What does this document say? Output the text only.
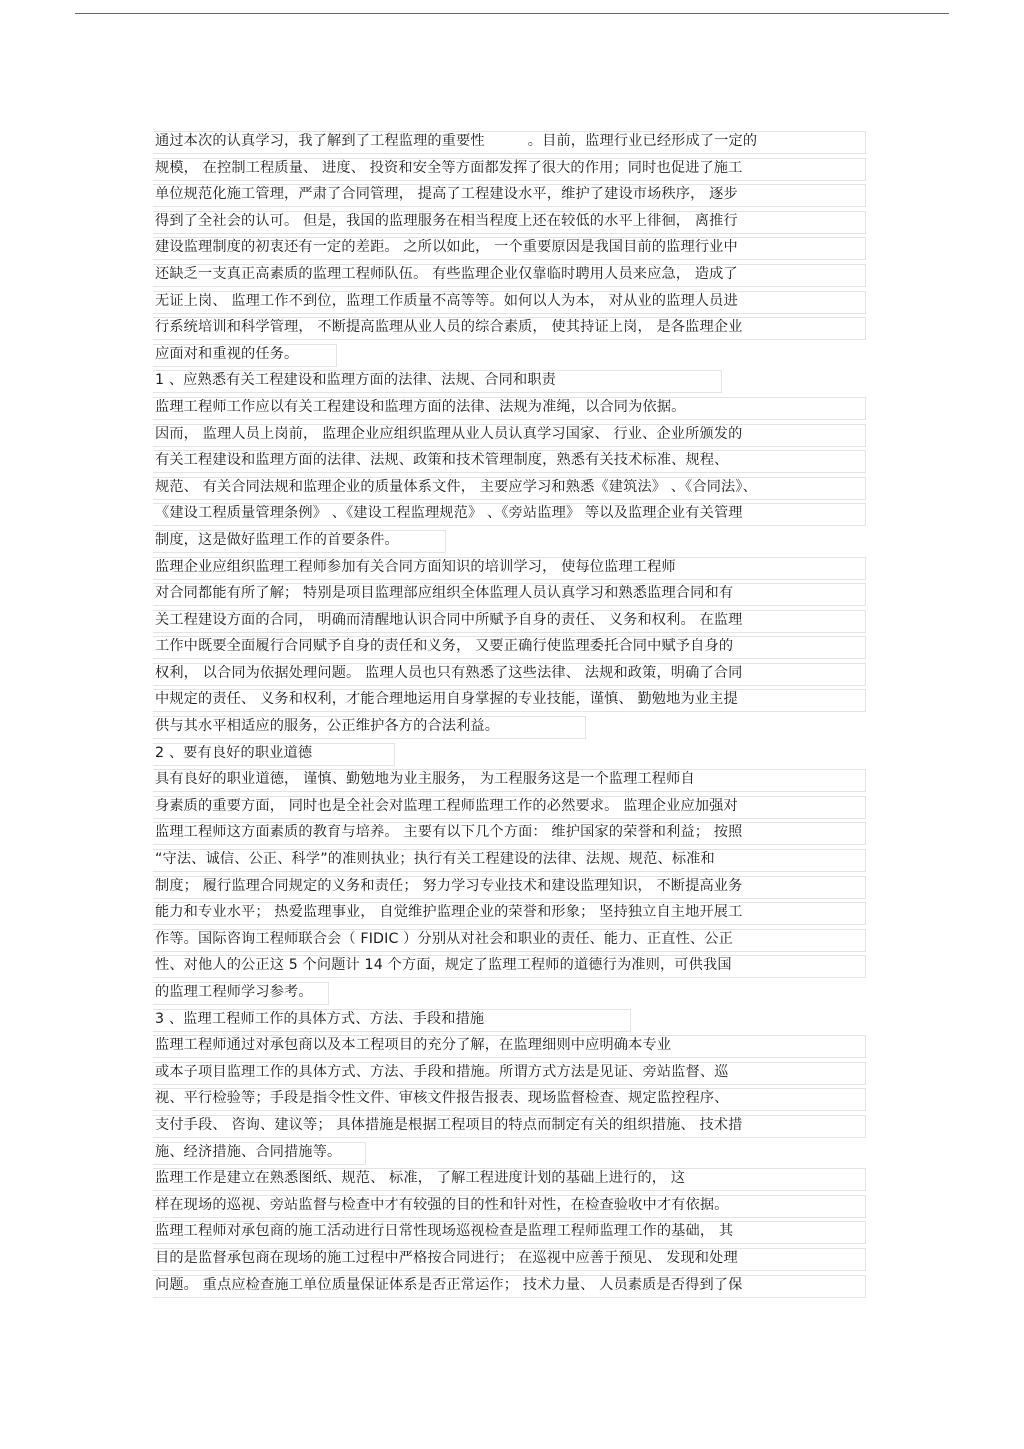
通过本次的认真学习，我了解到了工程监理的重要性　　　。目前，监理行业已经形成了一定的
规模， 在控制工程质量、 进度、 投资和安全等方面都发挥了很大的作用；同时也促进了施工
单位规范化施工管理，严肃了合同管理， 提高了工程建设水平，维护了建设市场秩序， 逐步
得到了全社会的认可。 但是，我国的监理服务在相当程度上还在较低的水平上徘徊， 离推行
建设监理制度的初衷还有一定的差距。 之所以如此， 一个重要原因是我国目前的监理行业中
还缺乏一支真正高素质的监理工程师队伍。 有些监理企业仅靠临时聘用人员来应急， 造成了
无证上岗、 监理工作不到位，监理工作质量不高等等。如何以人为本， 对从业的监理人员进
行系统培训和科学管理， 不断提高监理从业人员的综合素质， 使其持证上岗， 是各监理企业
应面对和重视的任务。
1 、应熟悉有关工程建设和监理方面的法律、法规、合同和职责
监理工程师工作应以有关工程建设和监理方面的法律、法规为准绳，以合同为依据。
因而， 监理人员上岗前， 监理企业应组织监理从业人员认真学习国家、 行业、企业所颁发的
有关工程建设和监理方面的法律、法规、政策和技术管理制度，熟悉有关技术标准、规程、
规范、 有关合同法规和监理企业的质量体系文件， 主要应学习和熟悉《建筑法》 、《合同法》、
《建设工程质量管理条例》 、《建设工程监理规范》 、《旁站监理》 等以及监理企业有关管理
制度，这是做好监理工作的首要条件。
监理企业应组织监理工程师参加有关合同方面知识的培训学习， 使每位监理工程师
对合同都能有所了解； 特别是项目监理部应组织全体监理人员认真学习和熟悉监理合同和有
关工程建设方面的合同， 明确而清醒地认识合同中所赋予自身的责任、 义务和权利。 在监理
工作中既要全面履行合同赋予自身的责任和义务， 又要正确行使监理委托合同中赋予自身的
权利， 以合同为依据处理问题。 监理人员也只有熟悉了这些法律、 法规和政策，明确了合同
中规定的责任、 义务和权利，才能合理地运用自身掌握的专业技能，谨慎、 勤勉地为业主提
供与其水平相适应的服务，公正维护各方的合法利益。
2 、要有良好的职业道德
具有良好的职业道德， 谨慎、勤勉地为业主服务， 为工程服务这是一个监理工程师自
身素质的重要方面， 同时也是全社会对监理工程师监理工作的必然要求。 监理企业应加强对
监理工程师这方面素质的教育与培养。 主要有以下几个方面： 维护国家的荣誉和利益； 按照
“守法、诚信、公正、科学”的准则执业；执行有关工程建设的法律、法规、规范、标准和
制度； 履行监理合同规定的义务和责任； 努力学习专业技术和建设监理知识， 不断提高业务
能力和专业水平； 热爱监理事业， 自觉维护监理企业的荣誉和形象； 坚持独立自主地开展工
作等。国际咨询工程师联合会（ FIDIC ）分别从对社会和职业的责任、能力、正直性、公正
性、对他人的公正这 5 个问题计 14 个方面，规定了监理工程师的道德行为准则，可供我国
的监理工程师学习参考。
3 、监理工程师工作的具体方式、方法、手段和措施
监理工程师通过对承包商以及本工程项目的充分了解，在监理细则中应明确本专业
或本子项目监理工作的具体方式、方法、手段和措施。所谓方式方法是见证、旁站监督、巡
视、平行检验等；手段是指令性文件、审核文件报告报表、现场监督检查、规定监控程序、
支付手段、 咨询、建议等； 具体措施是根据工程项目的特点而制定有关的组织措施、 技术措
施、经济措施、合同措施等。
监理工作是建立在熟悉图纸、规范、 标准， 了解工程进度计划的基础上进行的， 这
样在现场的巡视、旁站监督与检查中才有较强的目的性和针对性，在检查验收中才有依据。
监理工程师对承包商的施工活动进行日常性现场巡视检查是监理工程师监理工作的基础， 其
目的是监督承包商在现场的施工过程中严格按合同进行； 在巡视中应善于预见、 发现和处理
问题。 重点应检查施工单位质量保证体系是否正常运作； 技术力量、 人员素质是否得到了保
